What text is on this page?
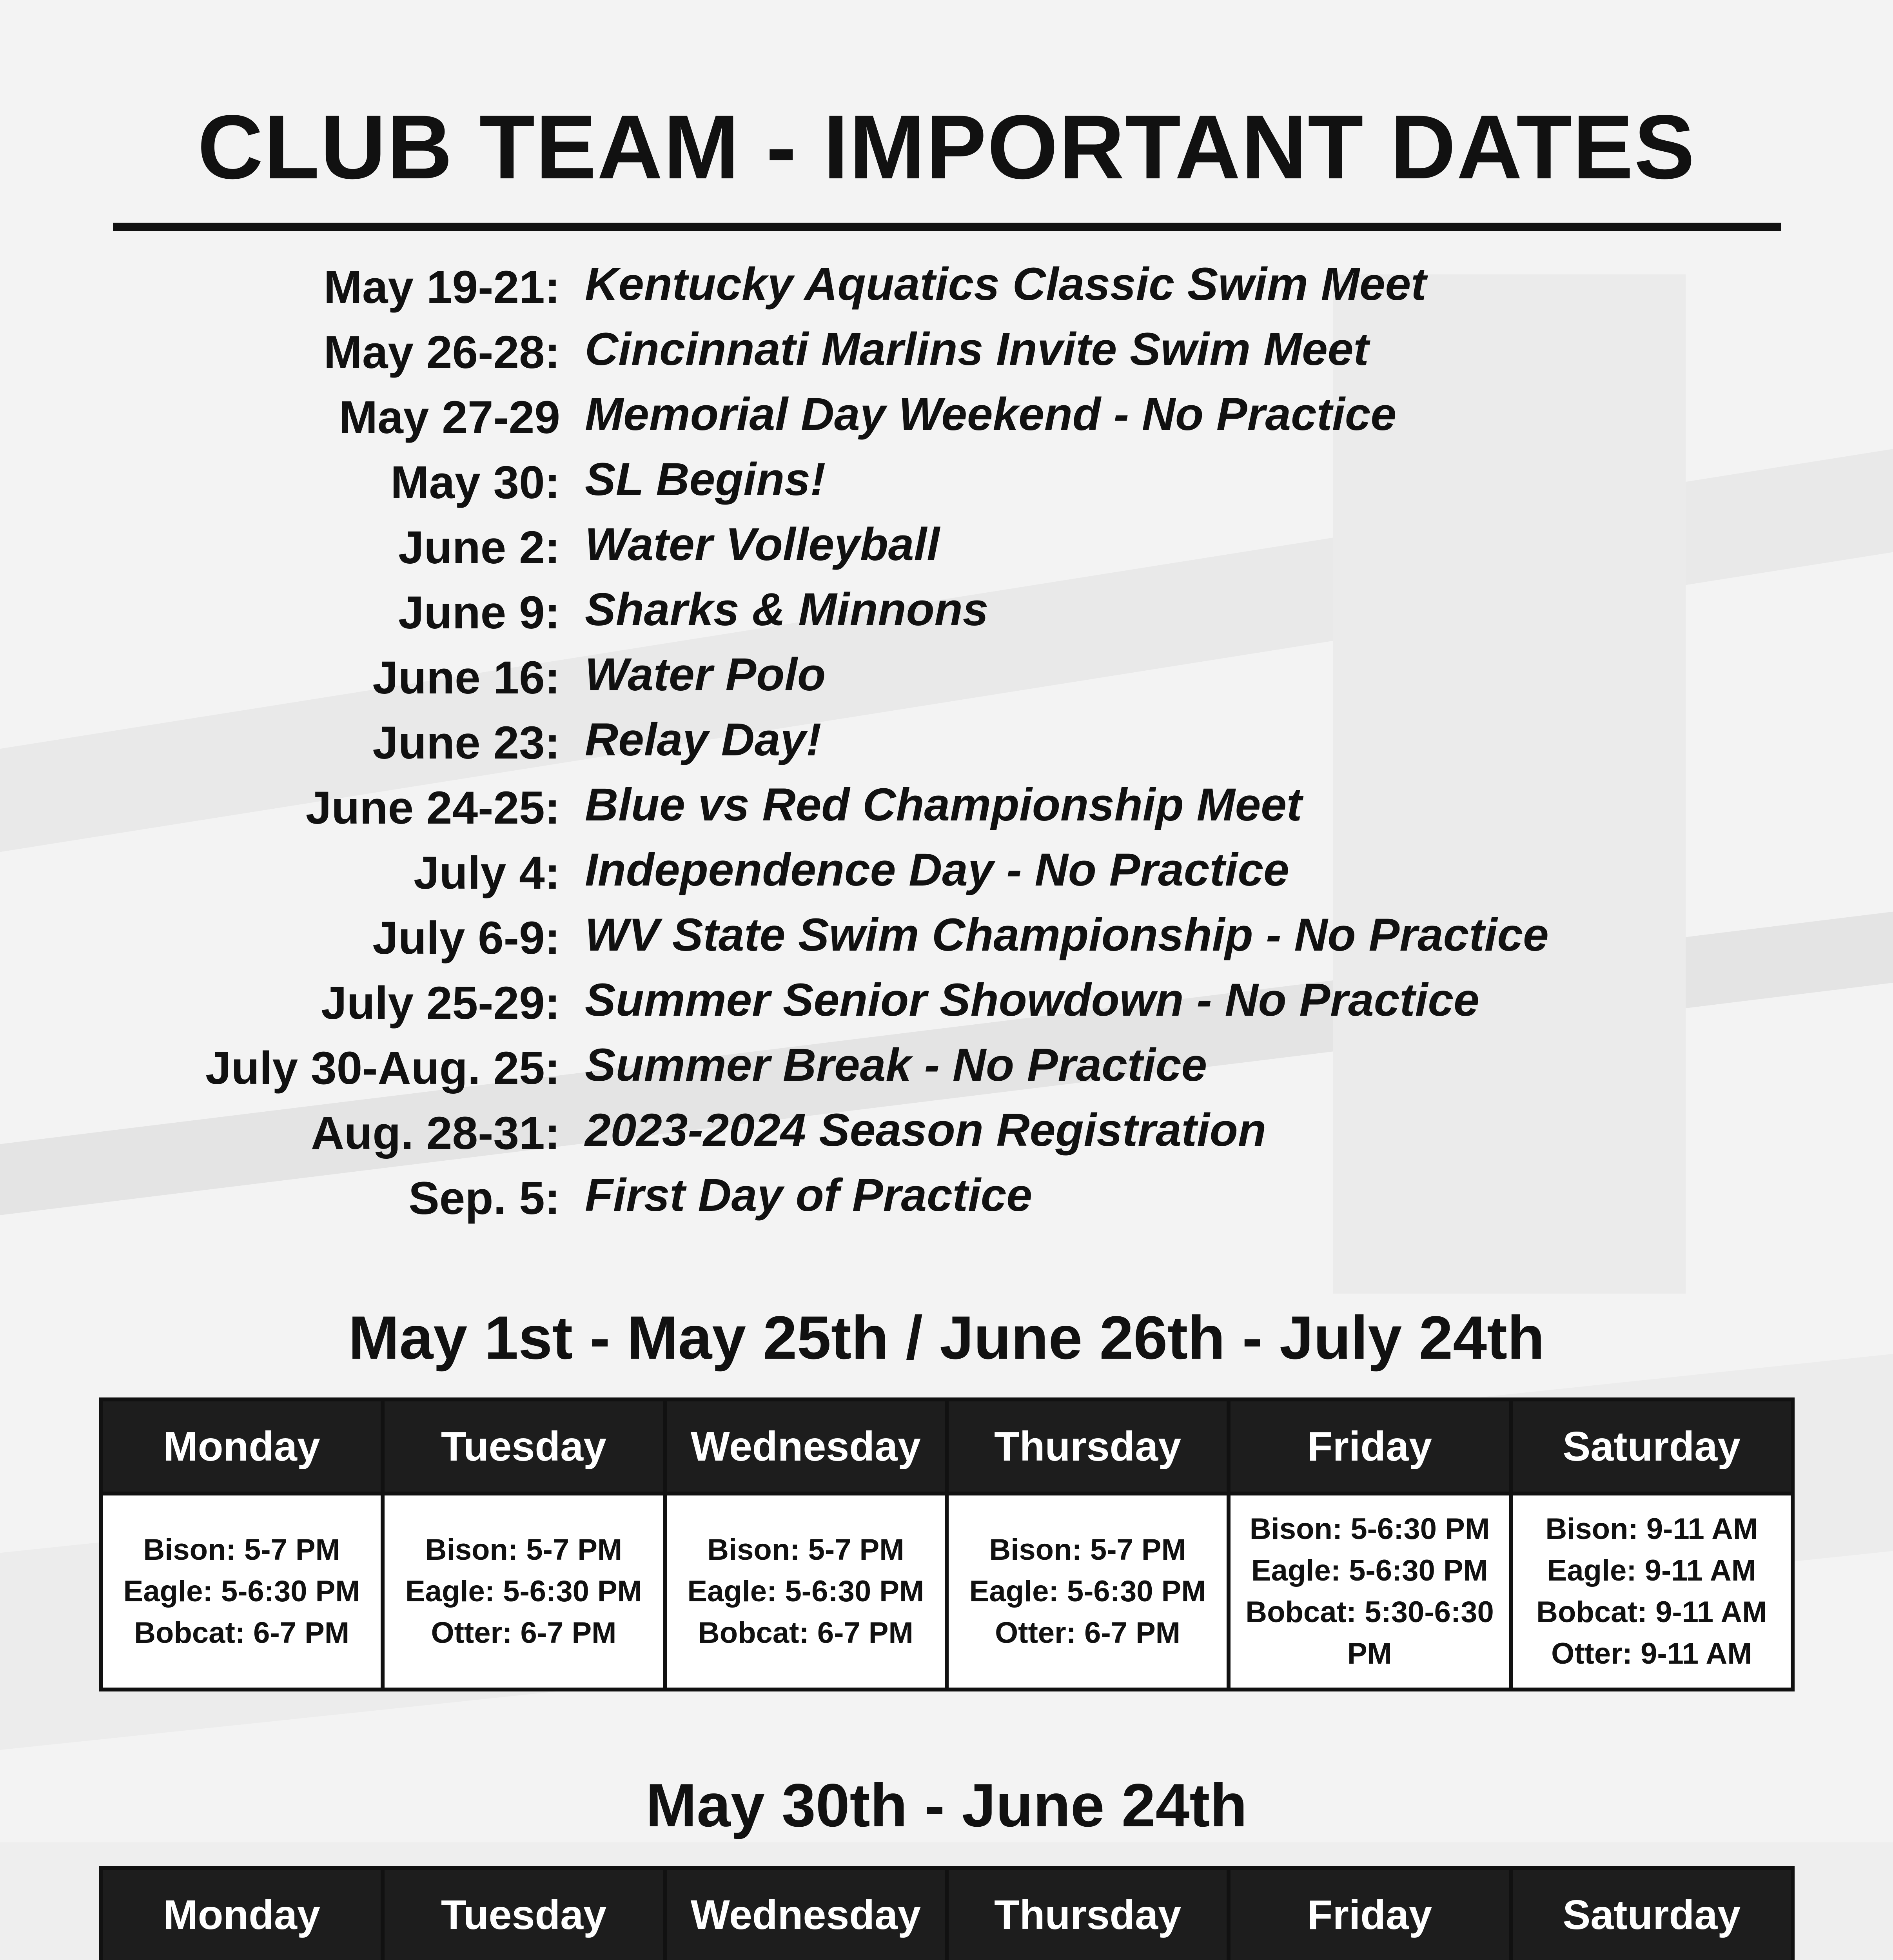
CLUB TEAM - IMPORTANT DATES
May 19-21: Kentucky Aquatics Classic Swim Meet
May 26-28: Cincinnati Marlins Invite Swim Meet
May 27-29 Memorial Day Weekend - No Practice
May 30: SL Begins!
June 2: Water Volleyball
June 9: Sharks & Minnons
June 16: Water Polo
June 23: Relay Day!
June 24-25: Blue vs Red Championship Meet
July 4: Independence Day - No Practice
July 6-9: WV State Swim Championship - No Practice
July 25-29: Summer Senior Showdown - No Practice
July 30-Aug. 25: Summer Break - No Practice
Aug. 28-31: 2023-2024 Season Registration
Sep. 5: First Day of Practice
May 1st - May 25th / June 26th - July 24th
Monday	Tuesday	Wednesday	Thursday	Friday	Saturday

Bison: 5-7 PM
Eagle: 5-6:30 PM
Bobcat: 6-7 PM	Bison: 5-7 PM
Eagle: 5-6:30 PM
Otter: 6-7 PM	Bison: 5-7 PM
Eagle: 5-6:30 PM
Bobcat: 6-7 PM	Bison: 5-7 PM
Eagle: 5-6:30 PM
Otter: 6-7 PM	Bison: 5-6:30 PM
Eagle: 5-6:30 PM
Bobcat: 5:30-6:30
PM	Bison: 9-11 AM
Eagle: 9-11 AM
Bobcat: 9-11 AM
Otter: 9-11 AM
May 30th - June 24th
Monday	Tuesday	Wednesday	Thursday	Friday	Saturday
